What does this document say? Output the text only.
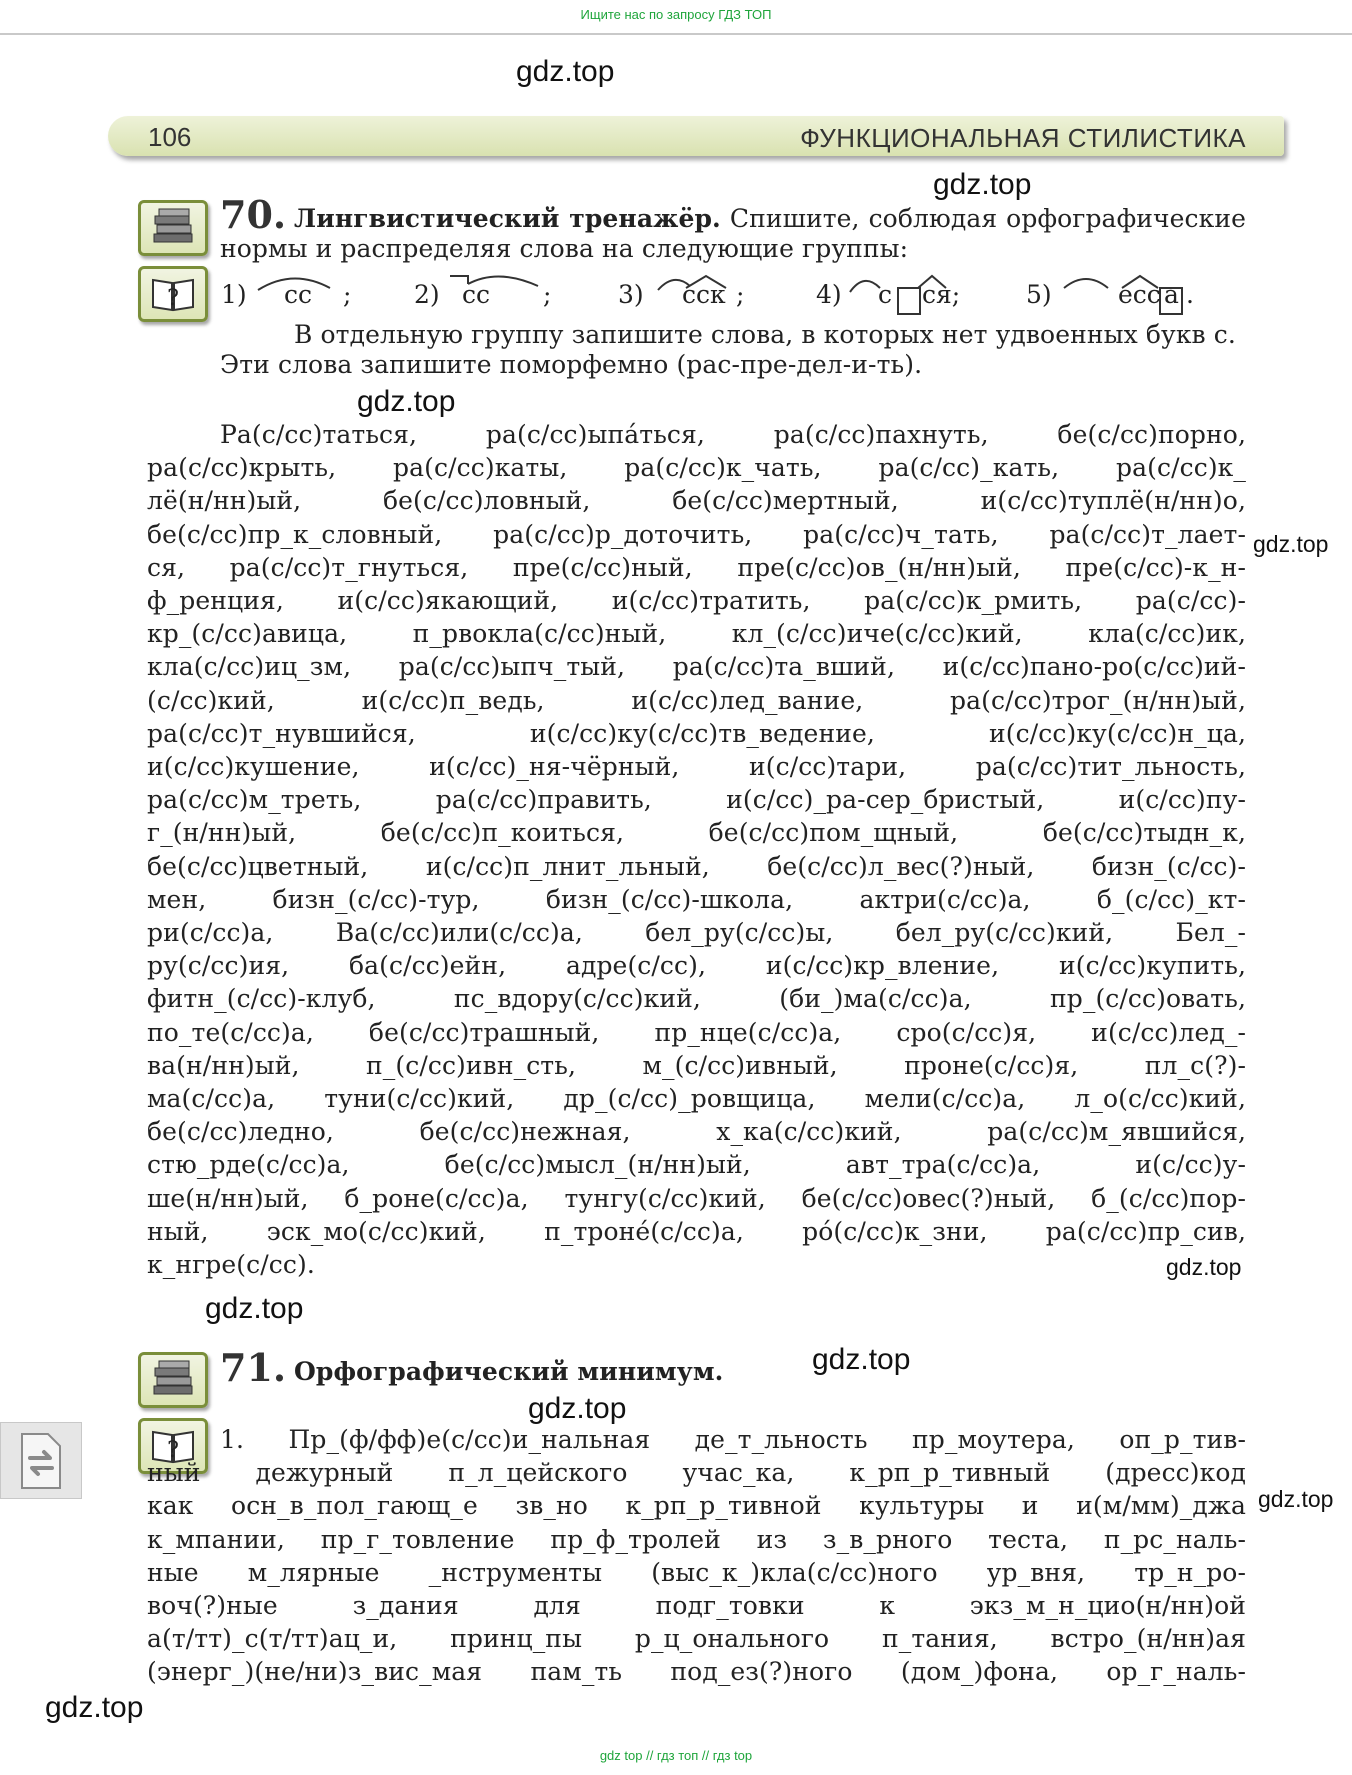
Ищите нас по запросу ГДЗ ТОП
gdz.top
gdz.top
gdz.top
gdz.top
gdz.top
gdz.top
gdz.top
gdz.top
gdz.top
gdz.top
106	ФУНКЦИОНАЛЬНАЯ СТИЛИСТИКА
?
70. Лингвистический тренажёр. Спишите, соблюдая орфографические
нормы и распределяя слова на следующие группы:
1) сс ;	2) сс ;	3) сск ;	4) с ся;	5)	есс а .
В отдельную группу запишите слова, в которых нет удвоенных букв с.
Эти слова запишите поморфемно (рас-пре-дел-и-ть).
Ра(с/сс)таться, ра(с/сс)ыпа́ться, ра(с/сс)пахнуть, бе(с/сс)порно,
ра(с/сс)крыть, ра(с/сс)каты, ра(с/сс)к_чать, ра(с/сс)_кать, ра(с/сс)к_
лё(н/нн)ый, бе(с/сс)ловный, бе(с/сс)мертный, и(с/сс)туплё(н/нн)о,
бе(с/сс)пр_к_словный, ра(с/сс)р_доточить, ра(с/сс)ч_тать, ра(с/сс)т_лает-
ся, ра(с/сс)т_гнуться, пре(с/сс)ный, пре(с/сс)ов_(н/нн)ый, пре(с/сс)-к_н-
ф_ренция, и(с/сс)якающий, и(с/сс)тратить, ра(с/сс)к_рмить, ра(с/сс)-
кр_(с/сс)авица, п_рвокла(с/сс)ный, кл_(с/сс)иче(с/сс)кий, кла(с/сс)ик,
кла(с/сс)иц_зм, ра(с/сс)ыпч_тый, ра(с/сс)та_вший, и(с/сс)пано-ро(с/сс)ий-
(с/сс)кий, и(с/сс)п_ведь, и(с/сс)лед_вание, ра(с/сс)трог_(н/нн)ый,
ра(с/сс)т_нувшийся, и(с/сс)ку(с/сс)тв_ведение, и(с/сс)ку(с/сс)н_ца,
и(с/сс)кушение, и(с/сс)_ня-чёрный, и(с/сс)тари, ра(с/сс)тит_льность,
ра(с/сс)м_треть, ра(с/сс)править, и(с/сс)_ра-сер_бристый, и(с/сс)пу-
г_(н/нн)ый, бе(с/сс)п_коиться, бе(с/сс)пом_щный, бе(с/сс)тыдн_к,
бе(с/сс)цветный, и(с/сс)п_лнит_льный, бе(с/сс)л_вес(?)ный, бизн_(с/сс)-
мен, бизн_(с/сс)-тур, бизн_(с/сс)-школа, актри(с/сс)а, б_(с/сс)_кт-
ри(с/сс)а, Ва(с/сс)или(с/сс)а, бел_ру(с/сс)ы, бел_ру(с/сс)кий, Бел_-
ру(с/сс)ия, ба(с/сс)ейн, адре(с/сс), и(с/сс)кр_вление, и(с/сс)купить,
фитн_(с/сс)-клуб, пс_вдору(с/сс)кий, (би_)ма(с/сс)а, пр_(с/сс)овать,
по_те(с/сс)а, бе(с/сс)трашный, пр_нце(с/сс)а, сро(с/сс)я, и(с/сс)лед_-
ва(н/нн)ый, п_(с/сс)ивн_сть, м_(с/сс)ивный, проне(с/сс)я, пл_с(?)-
ма(с/сс)а, туни(с/сс)кий, др_(с/сс)_ровщица, мели(с/сс)а, л_о(с/сс)кий,
бе(с/сс)ледно, бе(с/сс)нежная, х_ка(с/сс)кий, ра(с/сс)м_явшийся,
стю_рде(с/сс)а, бе(с/сс)мысл_(н/нн)ый, авт_тра(с/сс)а, и(с/сс)у-
ше(н/нн)ый, б_роне(с/сс)а, тунгу(с/сс)кий, бе(с/сс)овес(?)ный, б_(с/сс)пор-
ный, эск_мо(с/сс)кий, п_троне́(с/сс)а, ро́(с/сс)к_зни, ра(с/сс)пр_сив,
к_нгре(с/сс).
?
71. Орфографический минимум.
1. Пр_(ф/фф)е(с/сс)и_нальная де_т_льность пр_моутера, оп_р_тив-
ный дежурный п_л_цейского учас_ка, к_рп_р_тивный (дресс)код
как осн_в_пол_гающ_е зв_но к_рп_р_тивной культуры и и(м/мм)_джа
к_мпании, пр_г_товление пр_ф_тролей из з_в_рного теста, п_рс_наль-
ные м_лярные _нструменты (выс_к_)кла(с/сс)ного ур_вня, тр_н_ро-
воч(?)ные з_дания для подг_товки к экз_м_н_цио(н/нн)ой
а(т/тт)_с(т/тт)ац_и, принц_пы р_ц_онального п_тания, встро_(н/нн)ая
(энерг_)(не/ни)з_вис_мая пам_ть под_ез(?)ного (дом_)фона, ор_г_наль-
gdz top // гдз топ // гдз top
